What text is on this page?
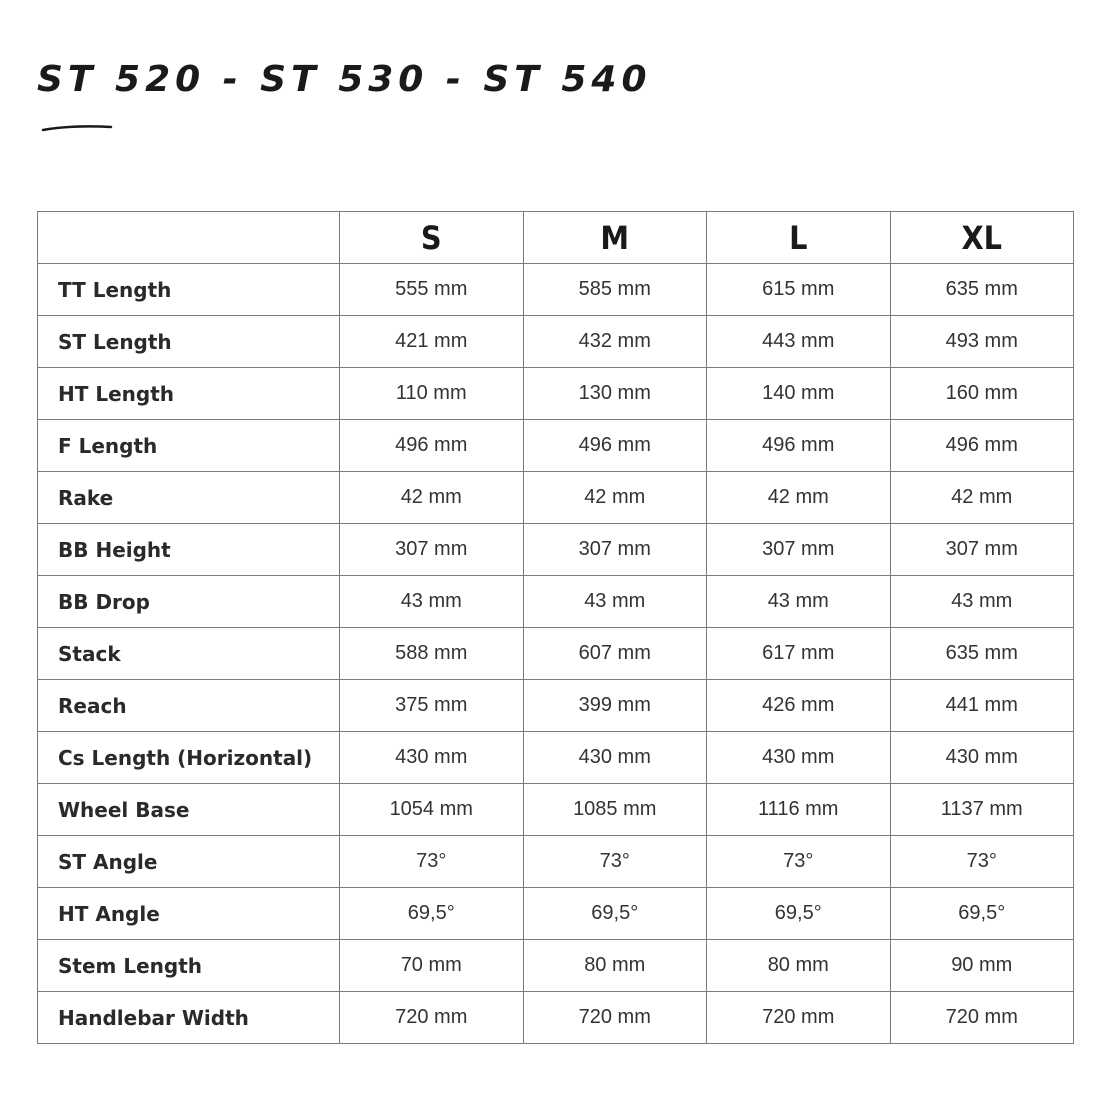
ST 520 - ST 530 - ST 540
	S	M	L	XL
TT Length	555 mm	585 mm	615 mm	635 mm
ST Length	421 mm	432 mm	443 mm	493 mm
HT Length	110 mm	130 mm	140 mm	160 mm
F Length	496 mm	496 mm	496 mm	496 mm
Rake	42 mm	42 mm	42 mm	42 mm
BB Height	307 mm	307 mm	307 mm	307 mm
BB Drop	43 mm	43 mm	43 mm	43 mm
Stack	588 mm	607 mm	617 mm	635 mm
Reach	375 mm	399 mm	426 mm	441 mm
Cs Length (Horizontal)	430 mm	430 mm	430 mm	430 mm
Wheel Base	1054 mm	1085 mm	1116 mm	1137 mm
ST Angle	73°	73°	73°	73°
HT Angle	69,5°	69,5°	69,5°	69,5°
Stem Length	70 mm	80 mm	80 mm	90 mm
Handlebar Width	720 mm	720 mm	720 mm	720 mm
